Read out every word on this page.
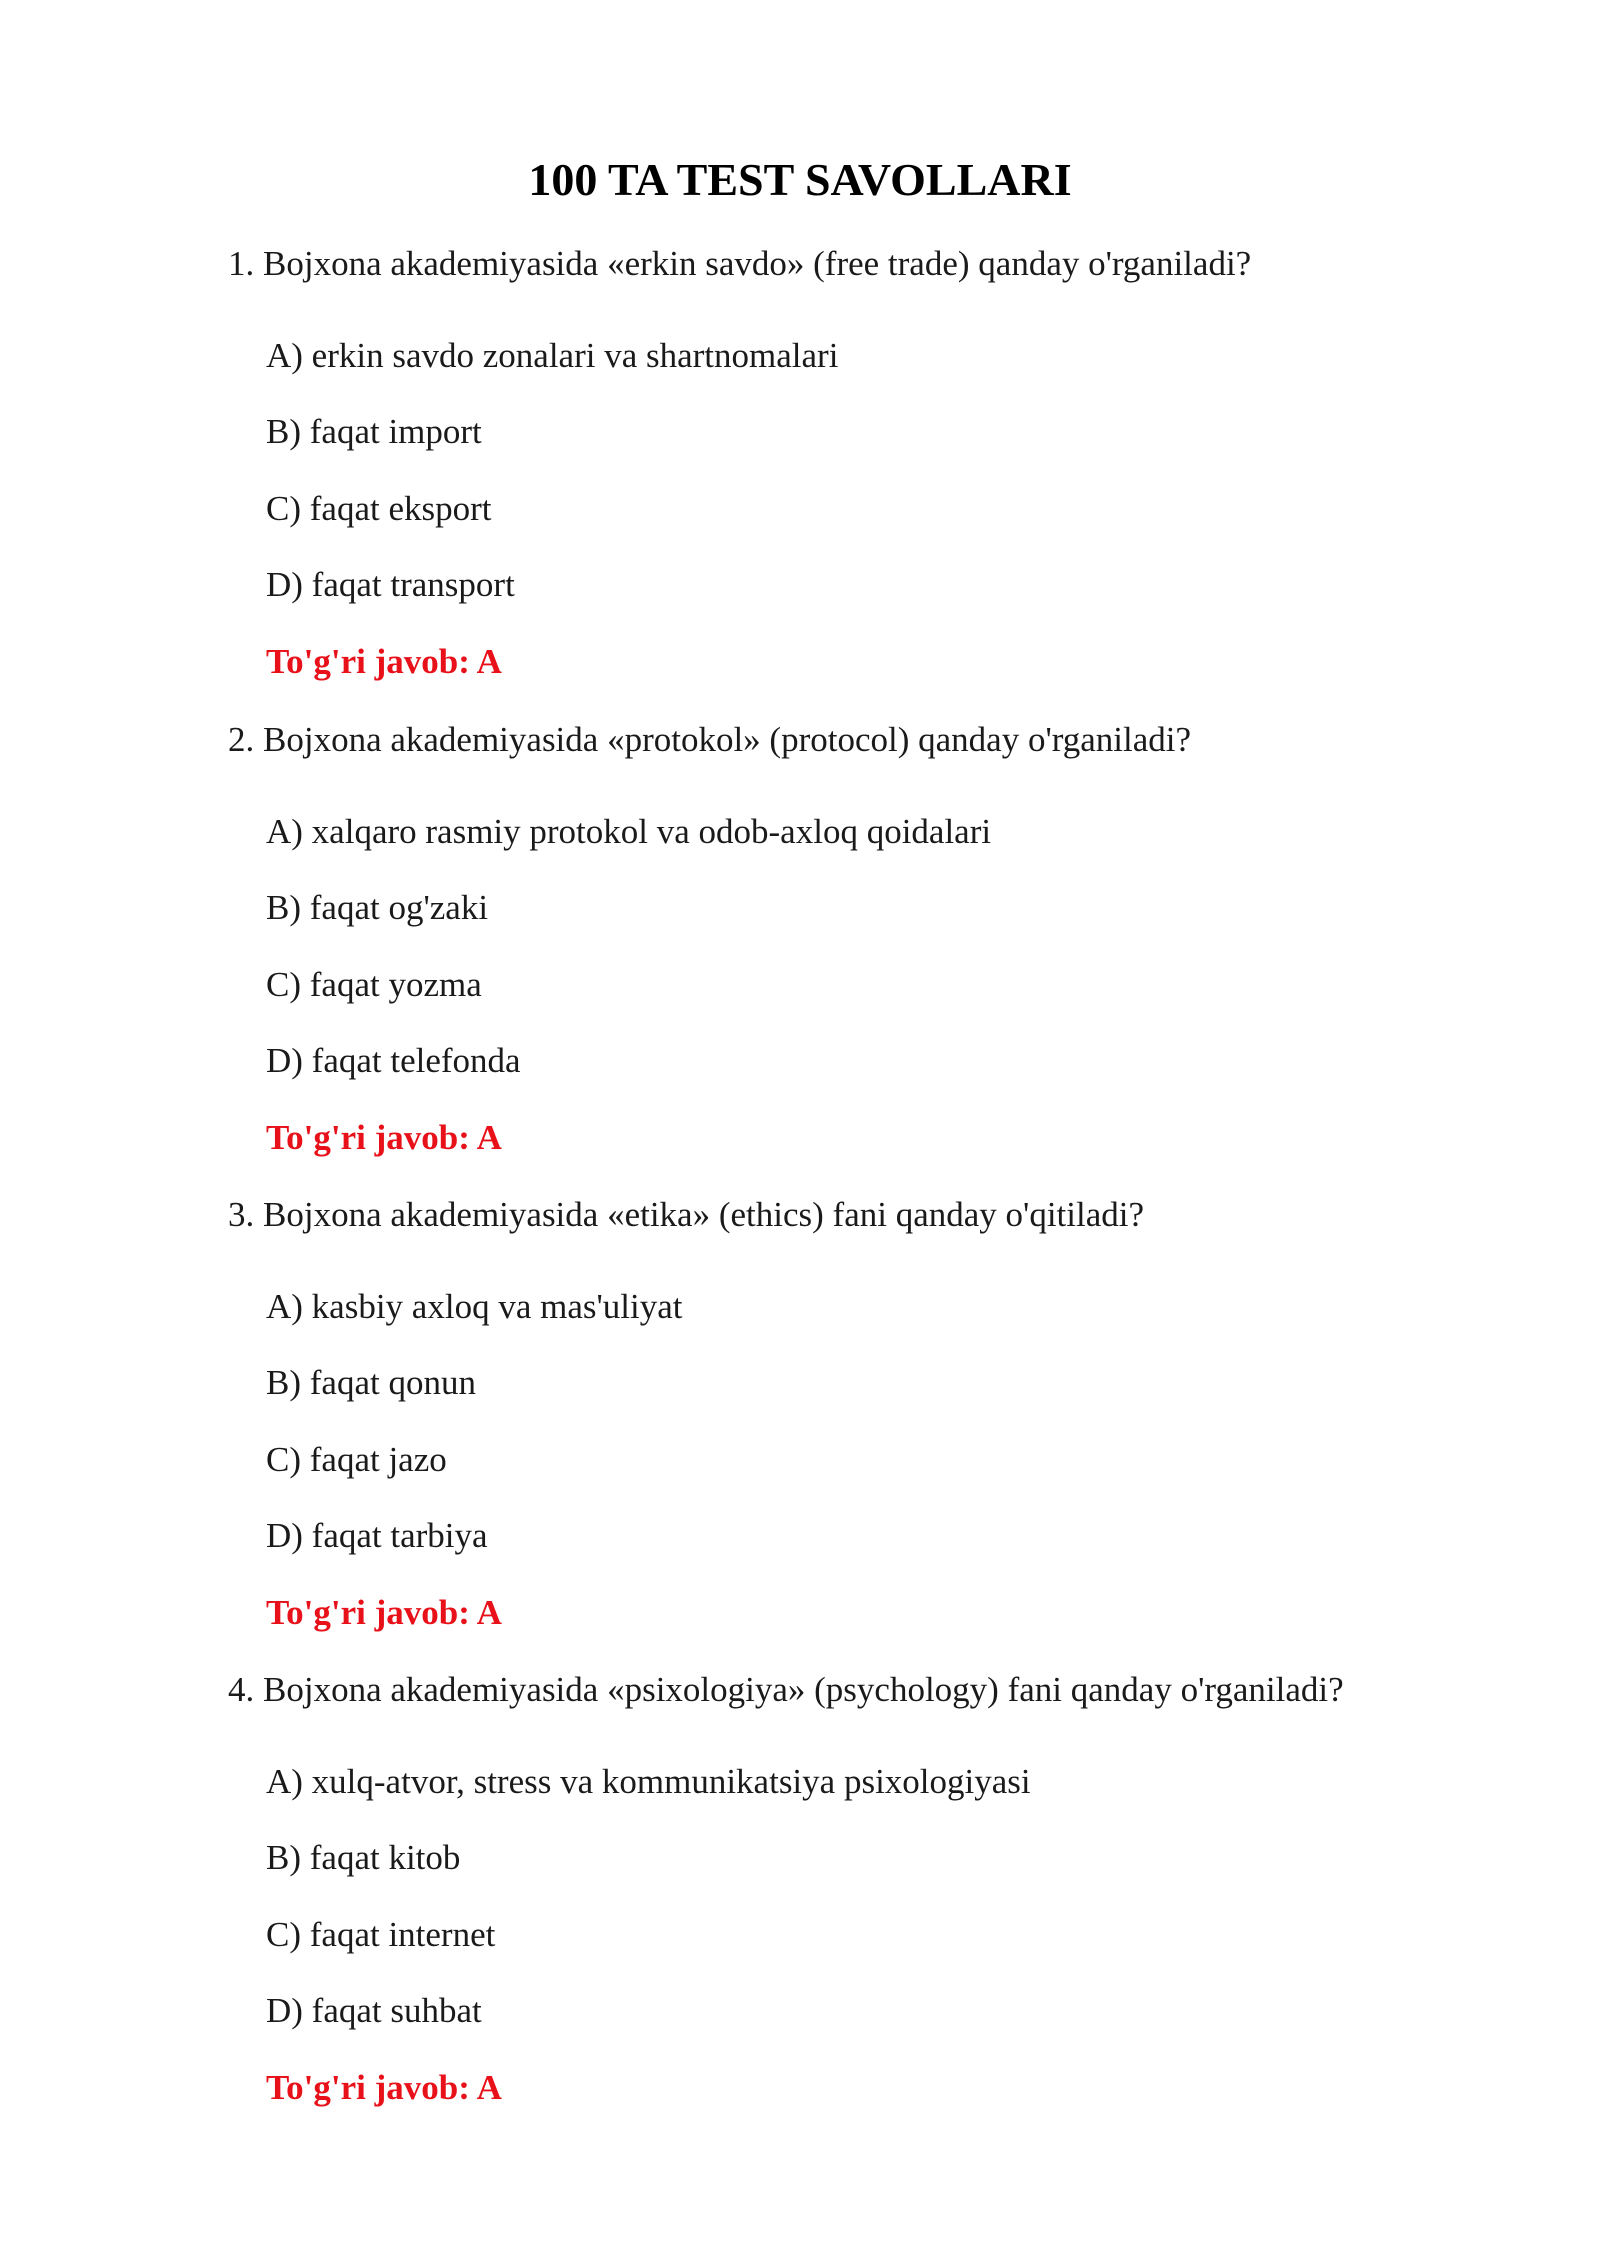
100 TA TEST SAVOLLARI

1. Bojxona akademiyasida «erkin savdo» (free trade) qanday o'rganiladi?

A) erkin savdo zonalari va shartnomalari

B) faqat import

C) faqat eksport

D) faqat transport

To'g'ri javob: A

2. Bojxona akademiyasida «protokol» (protocol) qanday o'rganiladi?

A) xalqaro rasmiy protokol va odob-axloq qoidalari

B) faqat og'zaki

C) faqat yozma

D) faqat telefonda

To'g'ri javob: A

3. Bojxona akademiyasida «etika» (ethics) fani qanday o'qitiladi?

A) kasbiy axloq va mas'uliyat

B) faqat qonun

C) faqat jazo

D) faqat tarbiya

To'g'ri javob: A

4. Bojxona akademiyasida «psixologiya» (psychology) fani qanday o'rganiladi?

A) xulq-atvor, stress va kommunikatsiya psixologiyasi

B) faqat kitob

C) faqat internet

D) faqat suhbat

To'g'ri javob: A
